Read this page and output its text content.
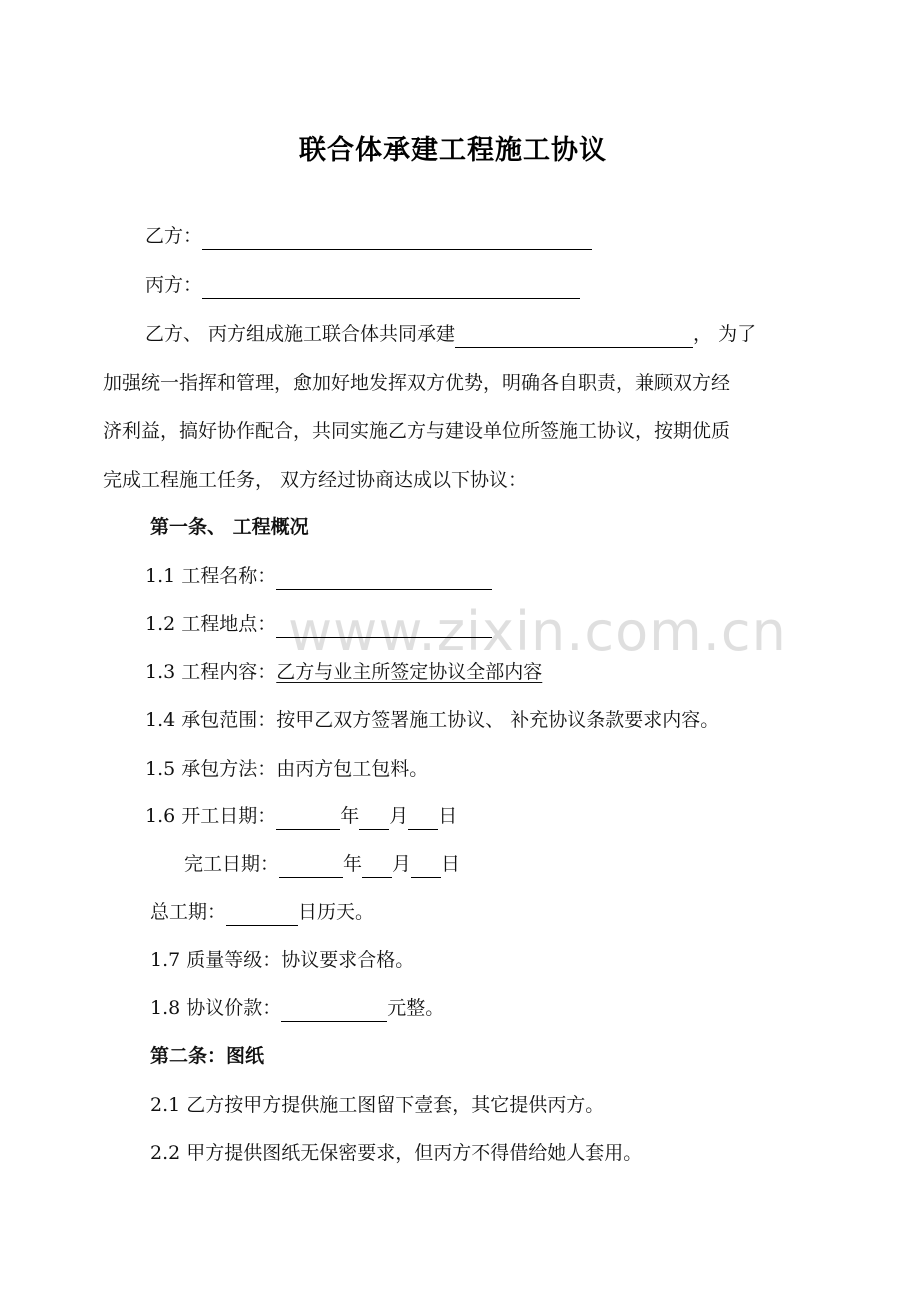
联合体承建工程施工协议
乙方：
丙方：
乙方、 丙方组成施工联合体共同承建	， 为了
加强统一指挥和管理，愈加好地发挥双方优势，明确各自职责，兼顾双方经
济利益，搞好协作配合，共同实施乙方与建设单位所签施工协议，按期优质
完成工程施工任务， 双方经过协商达成以下协议：
第一条、 工程概况
1.1 工程名称：
1.2 工程地点：
1.3 工程内容：乙方与业主所签定协议全部内容
1.4 承包范围：按甲乙双方签署施工协议、 补充协议条款要求内容。
1.5 承包方法：由丙方包工包料。
1.6 开工日期：	年 月 日
完工日期：	年 月 日
总工期：	日历天。
1.7 质量等级：协议要求合格。
1.8 协议价款：	元整。
第二条：图纸
2.1 乙方按甲方提供施工图留下壹套，其它提供丙方。
2.2 甲方提供图纸无保密要求，但丙方不得借给她人套用。
www.zixin.com.cn
